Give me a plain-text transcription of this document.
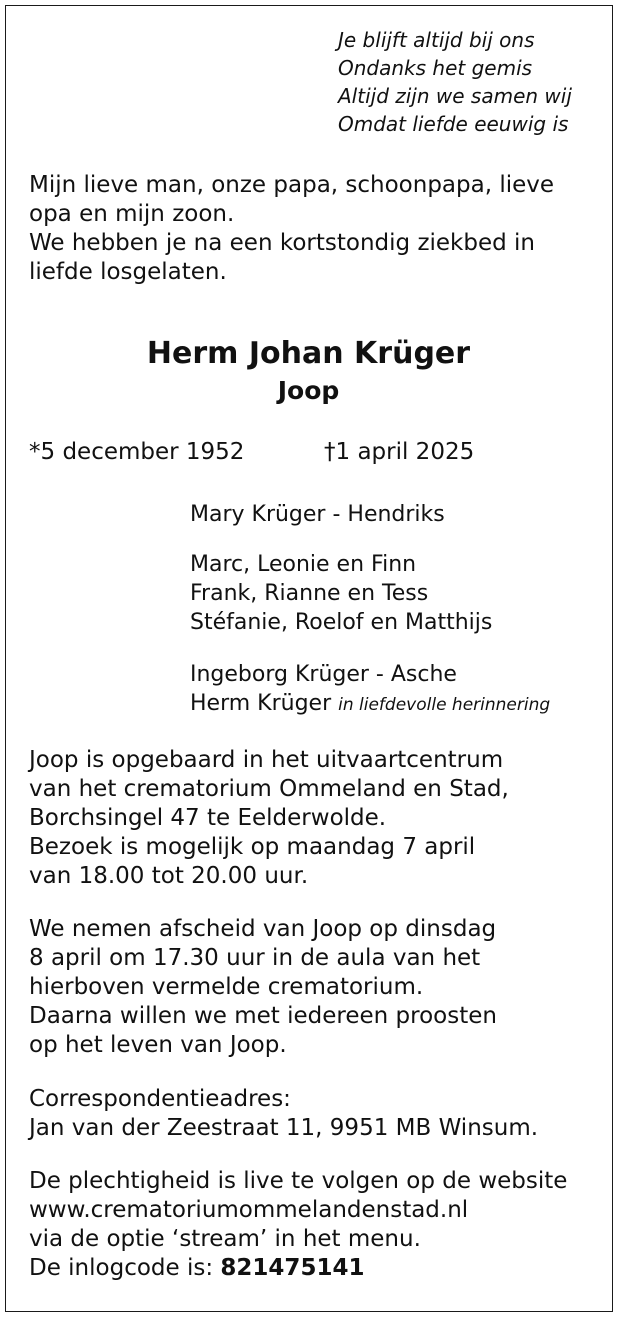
Je blijft altijd bij ons
Ondanks het gemis
Altijd zijn we samen wij
Omdat liefde eeuwig is
Mijn lieve man, onze papa, schoonpapa, lieve
opa en mijn zoon.
We hebben je na een kortstondig ziekbed in
liefde losgelaten.
Herm Johan Krüger
Joop
*5 december 1952	†1 april 2025
Mary Krüger - Hendriks
Marc, Leonie en Finn
Frank, Rianne en Tess
Stéfanie, Roelof en Matthijs
Ingeborg Krüger - Asche
Herm Krüger in liefdevolle herinnering
Joop is opgebaard in het uitvaartcentrum
van het crematorium Ommeland en Stad,
Borchsingel 47 te Eelderwolde.
Bezoek is mogelijk op maandag 7 april
van 18.00 tot 20.00 uur.
We nemen afscheid van Joop op dinsdag
8 april om 17.30 uur in de aula van het
hierboven vermelde crematorium.
Daarna willen we met iedereen proosten
op het leven van Joop.
Correspondentieadres:
Jan van der Zeestraat 11, 9951 MB Winsum.
De plechtigheid is live te volgen op de website
www.crematoriumommelandenstad.nl
via de optie ‘stream’ in het menu.
De inlogcode is: 821475141
